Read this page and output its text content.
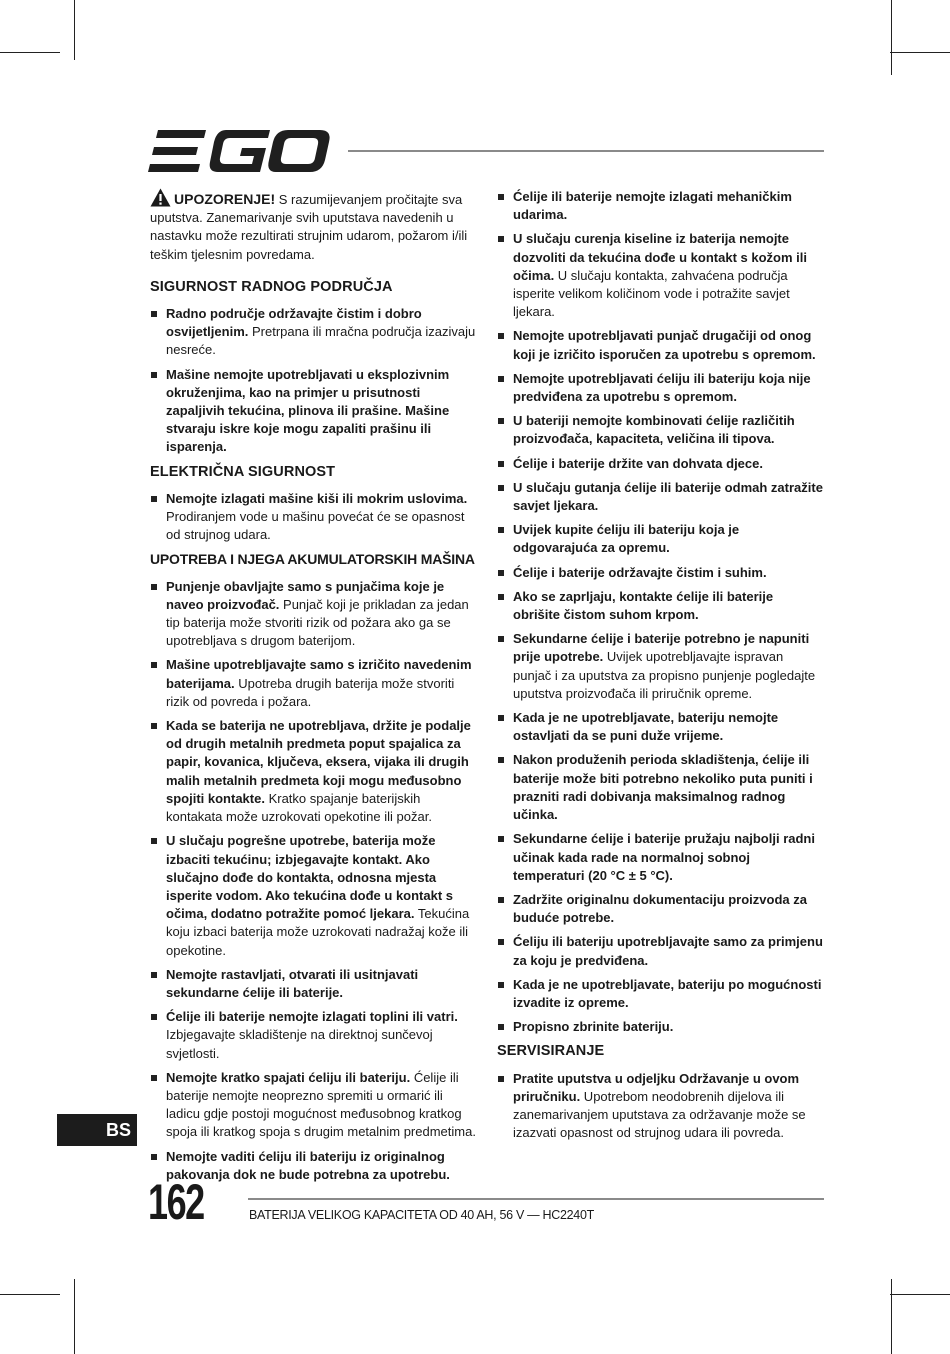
UPOZORENJE! S razumijevanjem pročitajte sva uputstva. Zanemarivanje svih uputstava navedenih u nastavku može rezultirati strujnim udarom, požarom i/ili teškim tjelesnim povredama.

SIGURNOST RADNOG PODRUČJA
Radno područje održavajte čistim i dobro osvijetljenim. Pretrpana ili mračna područja izazivaju nesreće.
Mašine nemojte upotrebljavati u eksplozivnim okruženjima, kao na primjer u prisutnosti zapaljivih tekućina, plinova ili prašine. Mašine stvaraju iskre koje mogu zapaliti prašinu ili isparenja.
ELEKTRIČNA SIGURNOST
Nemojte izlagati mašine kiši ili mokrim uslovima. Prodiranjem vode u mašinu povećat će se opasnost od strujnog udara.
UPOTREBA I NJEGA AKUMULATORSKIH MAŠINA
Punjenje obavljajte samo s punjačima koje je naveo proizvođač. Punjač koji je prikladan za jedan tip baterija može stvoriti rizik od požara ako ga se upotrebljava s drugom baterijom.
Mašine upotrebljavajte samo s izričito navedenim baterijama. Upotreba drugih baterija može stvoriti rizik od povreda i požara.
Kada se baterija ne upotrebljava, držite je podalje od drugih metalnih predmeta poput spajalica za papir, kovanica, ključeva, eksera, vijaka ili drugih malih metalnih predmeta koji mogu međusobno spojiti kontakte. Kratko spajanje baterijskih kontakata može uzrokovati opekotine ili požar.
U slučaju pogrešne upotrebe, baterija može izbaciti tekućinu; izbjegavajte kontakt. Ako slučajno dođe do kontakta, odnosna mjesta isperite vodom. Ako tekućina dođe u kontakt s očima, dodatno potražite pomoć ljekara. Tekućina koju izbaci baterija može uzrokovati nadražaj kože ili opekotine.
Nemojte rastavljati, otvarati ili usitnjavati sekundarne ćelije ili baterije.
Ćelije ili baterije nemojte izlagati toplini ili vatri. Izbjegavajte skladištenje na direktnoj sunčevoj svjetlosti.
Nemojte kratko spajati ćeliju ili bateriju. Ćelije ili baterije nemojte neoprezno spremiti u ormarić ili ladicu gdje postoji mogućnost međusobnog kratkog spoja ili kratkog spoja s drugim metalnim predmetima.
Nemojte vaditi ćeliju ili bateriju iz originalnog pakovanja dok ne bude potrebna za upotrebu.
Ćelije ili baterije nemojte izlagati mehaničkim udarima.
U slučaju curenja kiseline iz baterija nemojte dozvoliti da tekućina dođe u kontakt s kožom ili očima. U slučaju kontakta, zahvaćena područja isperite velikom količinom vode i potražite savjet ljekara.
Nemojte upotrebljavati punjač drugačiji od onog koji je izričito isporučen za upotrebu s opremom.
Nemojte upotrebljavati ćeliju ili bateriju koja nije predviđena za upotrebu s opremom.
U bateriji nemojte kombinovati ćelije različitih proizvođača, kapaciteta, veličina ili tipova.
Ćelije i baterije držite van dohvata djece.
U slučaju gutanja ćelije ili baterije odmah zatražite savjet ljekara.
Uvijek kupite ćeliju ili bateriju koja je odgovarajuća za opremu.
Ćelije i baterije održavajte čistim i suhim.
Ako se zaprljaju, kontakte ćelije ili baterije obrišite čistom suhom krpom.
Sekundarne ćelije i baterije potrebno je napuniti prije upotrebe. Uvijek upotrebljavajte ispravan punjač i za uputstva za propisno punjenje pogledajte uputstva proizvođača ili priručnik opreme.
Kada je ne upotrebljavate, bateriju nemojte ostavljati da se puni duže vrijeme.
Nakon produženih perioda skladištenja, ćelije ili baterije može biti potrebno nekoliko puta puniti i prazniti radi dobivanja maksimalnog radnog učinka.
Sekundarne ćelije i baterije pružaju najbolji radni učinak kada rade na normalnoj sobnoj temperaturi (20 °C ± 5 °C).
Zadržite originalnu dokumentaciju proizvoda za buduće potrebe.
Ćeliju ili bateriju upotrebljavajte samo za primjenu za koju je predviđena.
Kada je ne upotrebljavate, bateriju po mogućnosti izvadite iz opreme.
Propisno zbrinite bateriju.
SERVISIRANJE
Pratite uputstva u odjeljku Održavanje u ovom priručniku. Upotrebom neodobrenih dijelova ili zanemarivanjem uputstava za održavanje može se izazvati opasnost od strujnog udara ili povreda.
BS
162	BATERIJA VELIKOG KAPACITETA OD 40 AH, 56 V — HC2240T
